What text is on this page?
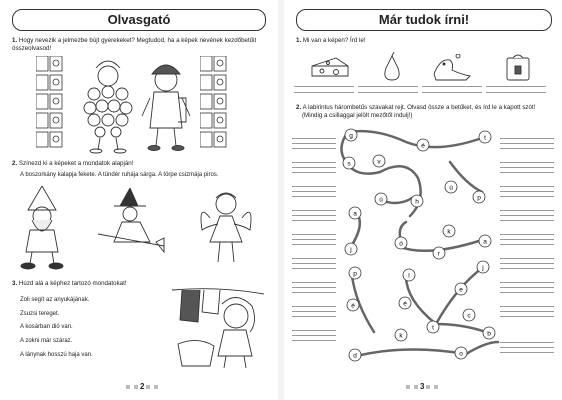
Olvasgató
1. Hogy nevezik a jelmezbe bújt gyerekeket? Megtudod, ha a képek nevének kezdőbetűit összeolvasod!
2. Színezd ki a képeket a mondatok alapján!
A boszorkány kalapja fekete. A tündér ruhája sárga. A törpe csizmája piros.
3. Húzd alá a képhez tartozó mondatokat!
Zoli segít az anyukájának.
Zsuzsi tereget.
A kosárban dió van.
A zokni már száraz.
A lánynak hosszú haja van.
2
Már tudok írni!
1. Mi van a képen? Írd le!
2. A labirintus hárombetűs szavakat rejt. Olvasd össze a betűket, és írd le a kapott szót!
(Mindig a csillaggal jelölt mezőtől indulj!)
g
é
t
s	v
ú	h
ú
p
a
k
j
ó
r
a
p	l
j
e
é	é
c
k
t
b
d	o
3
